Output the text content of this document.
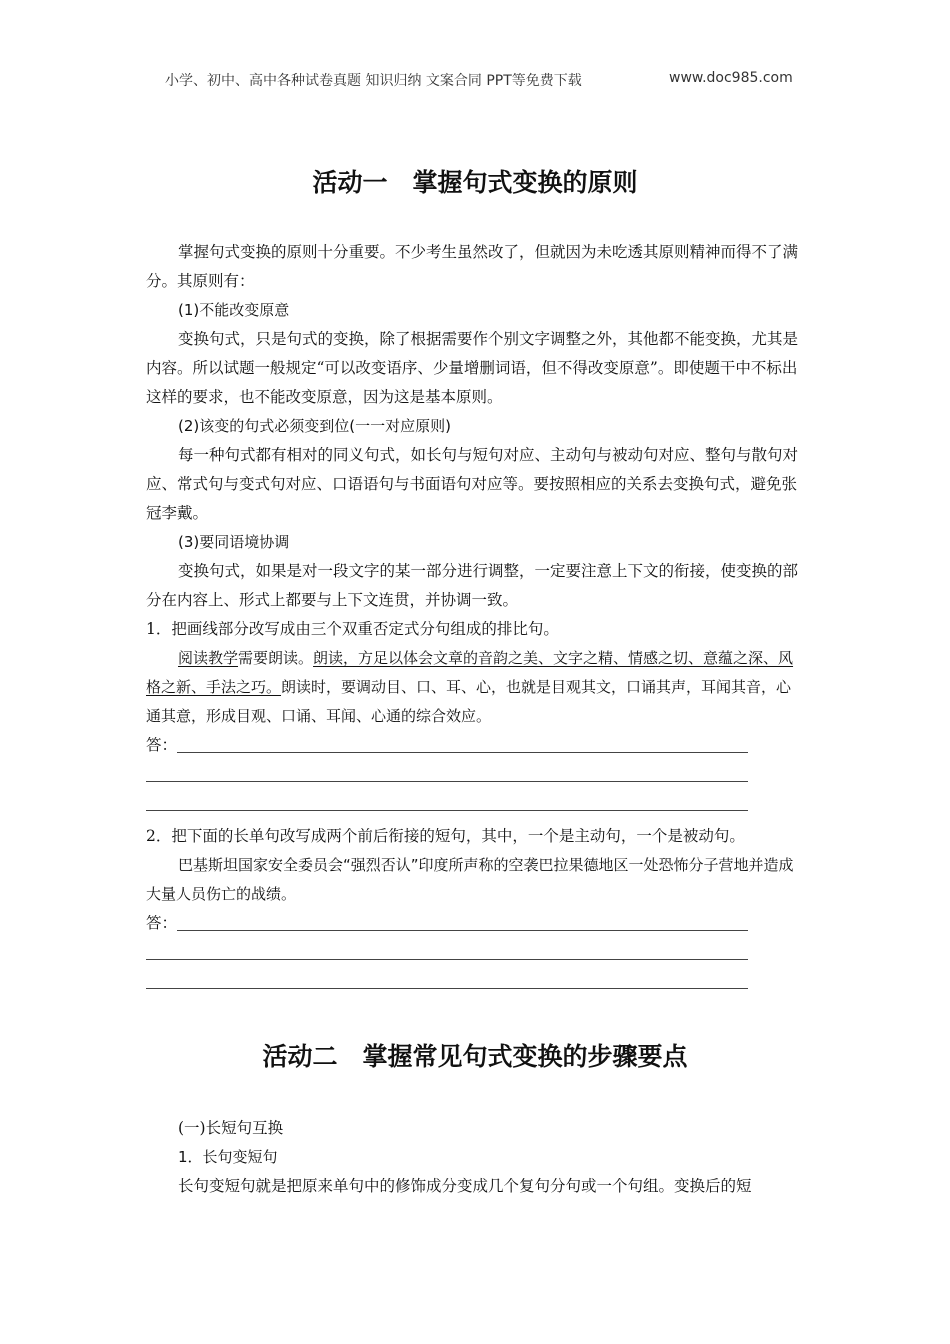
小学、初中、高中各种试卷真题 知识归纳 文案合同 PPT等免费下载	www.doc985.com
活动一　掌握句式变换的原则

掌握句式变换的原则十分重要。不少考生虽然改了，但就因为未吃透其原则精神而得不了满分。其原则有：

(1)不能改变原意

变换句式，只是句式的变换，除了根据需要作个别文字调整之外，其他都不能变换，尤其是内容。所以试题一般规定“可以改变语序、少量增删词语，但不得改变原意”。即使题干中不标出这样的要求，也不能改变原意，因为这是基本原则。

(2)该变的句式必须变到位(一一对应原则)

每一种句式都有相对的同义句式，如长句与短句对应、主动句与被动句对应、整句与散句对应、常式句与变式句对应、口语语句与书面语句对应等。要按照相应的关系去变换句式，避免张冠李戴。

(3)要同语境协调

变换句式，如果是对一段文字的某一部分进行调整，一定要注意上下文的衔接，使变换的部分在内容上、形式上都要与上下文连贯，并协调一致。

1．把画线部分改写成由三个双重否定式分句组成的排比句。

阅读教学需要朗读。朗读，方足以体会文章的音韵之美、文字之精、情感之切、意蕴之深、风格之新、手法之巧。朗读时，要调动目、口、耳、心，也就是目观其文，口诵其声，耳闻其音，心通其意，形成目观、口诵、耳闻、心通的综合效应。

答：

2．把下面的长单句改写成两个前后衔接的短句，其中，一个是主动句，一个是被动句。

巴基斯坦国家安全委员会“强烈否认”印度所声称的空袭巴拉果德地区一处恐怖分子营地并造成大量人员伤亡的战绩。

答：
活动二　掌握常见句式变换的步骤要点

(一)长短句互换

1．长句变短句

长句变短句就是把原来单句中的修饰成分变成几个复句分句或一个句组。变换后的短
